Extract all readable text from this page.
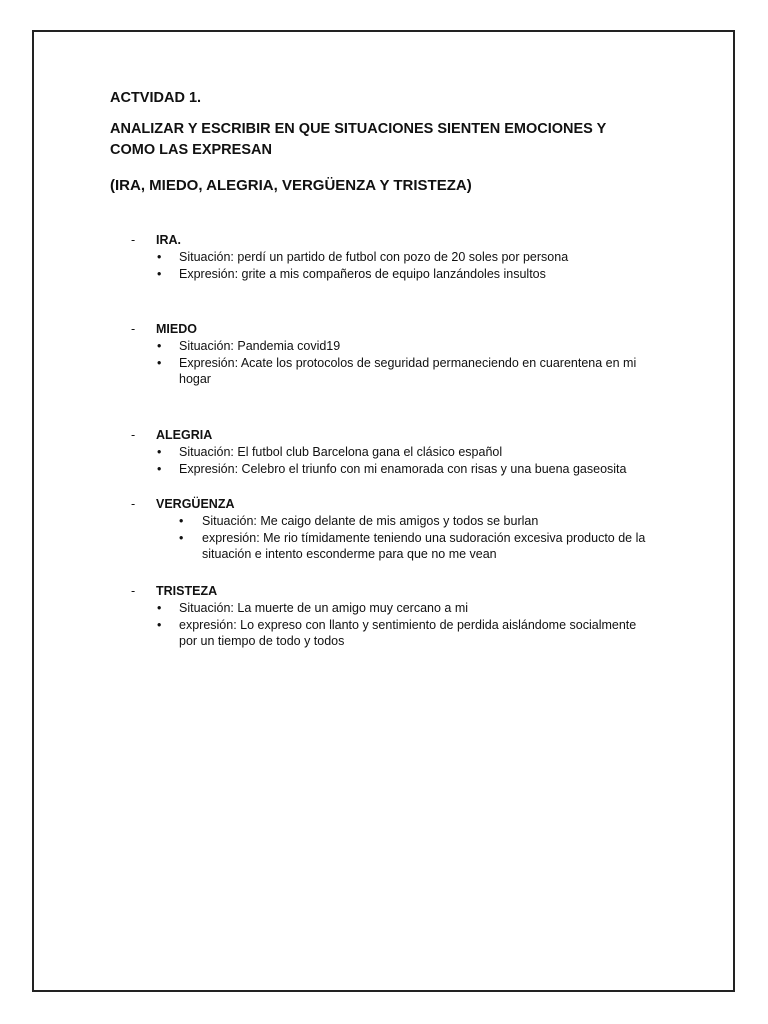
ACTVIDAD 1.
ANALIZAR Y ESCRIBIR EN QUE SITUACIONES SIENTEN EMOCIONES Y COMO LAS EXPRESAN
(IRA, MIEDO, ALEGRIA, VERGÜENZA Y TRISTEZA)
-	IRA.
• Situación: perdí un partido de futbol con pozo de 20 soles por persona
• Expresión: grite a mis compañeros de equipo lanzándoles insultos
-	MIEDO
• Situación: Pandemia covid19
• Expresión: Acate los protocolos de seguridad permaneciendo en cuarentena en mi hogar
-	ALEGRIA
• Situación: El futbol club Barcelona gana el clásico español
• Expresión: Celebro el triunfo con mi enamorada con risas y una buena gaseosita
-	VERGÜENZA
• Situación: Me caigo delante de mis amigos y todos se burlan
• expresión: Me rio tímidamente teniendo una sudoración excesiva producto de la situación e intento esconderme para que no me vean
-	TRISTEZA
• Situación: La muerte de un amigo muy cercano a mi
• expresión: Lo expreso con llanto y sentimiento de perdida aislándome socialmente por un tiempo de todo y todos
